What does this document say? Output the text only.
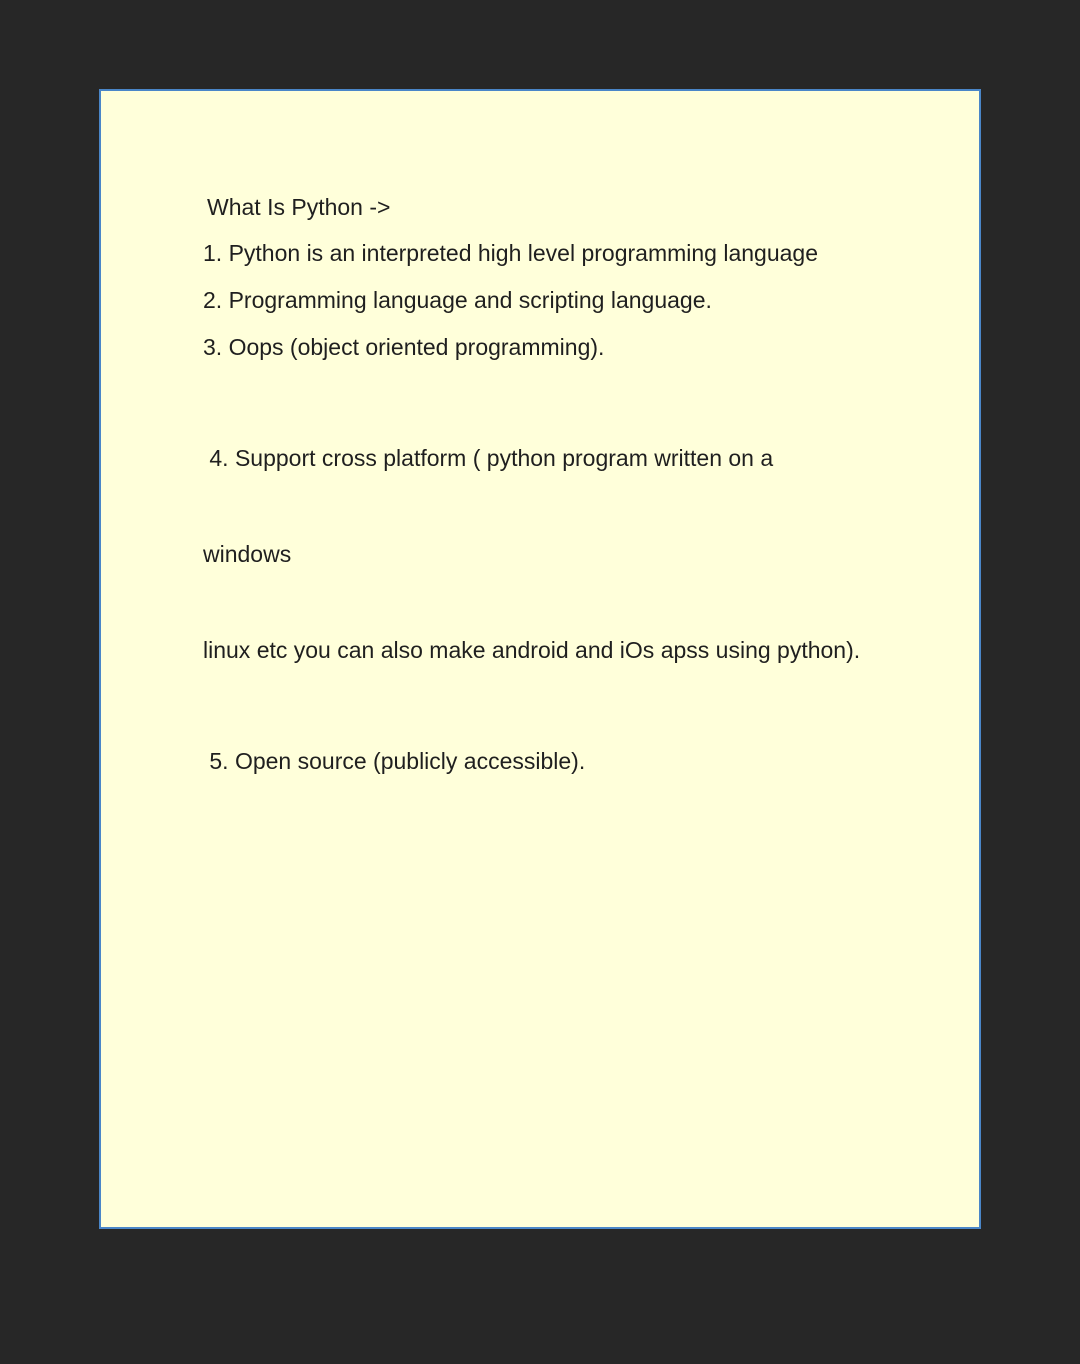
What Is Python ->
1. Python is an interpreted high level programming language
2. Programming language and scripting language.
3. Oops (object oriented programming).

4. Support cross platform ( python program written on a

windows

linux etc you can also make android and iOs apss using python).

5. Open source (publicly accessible).
